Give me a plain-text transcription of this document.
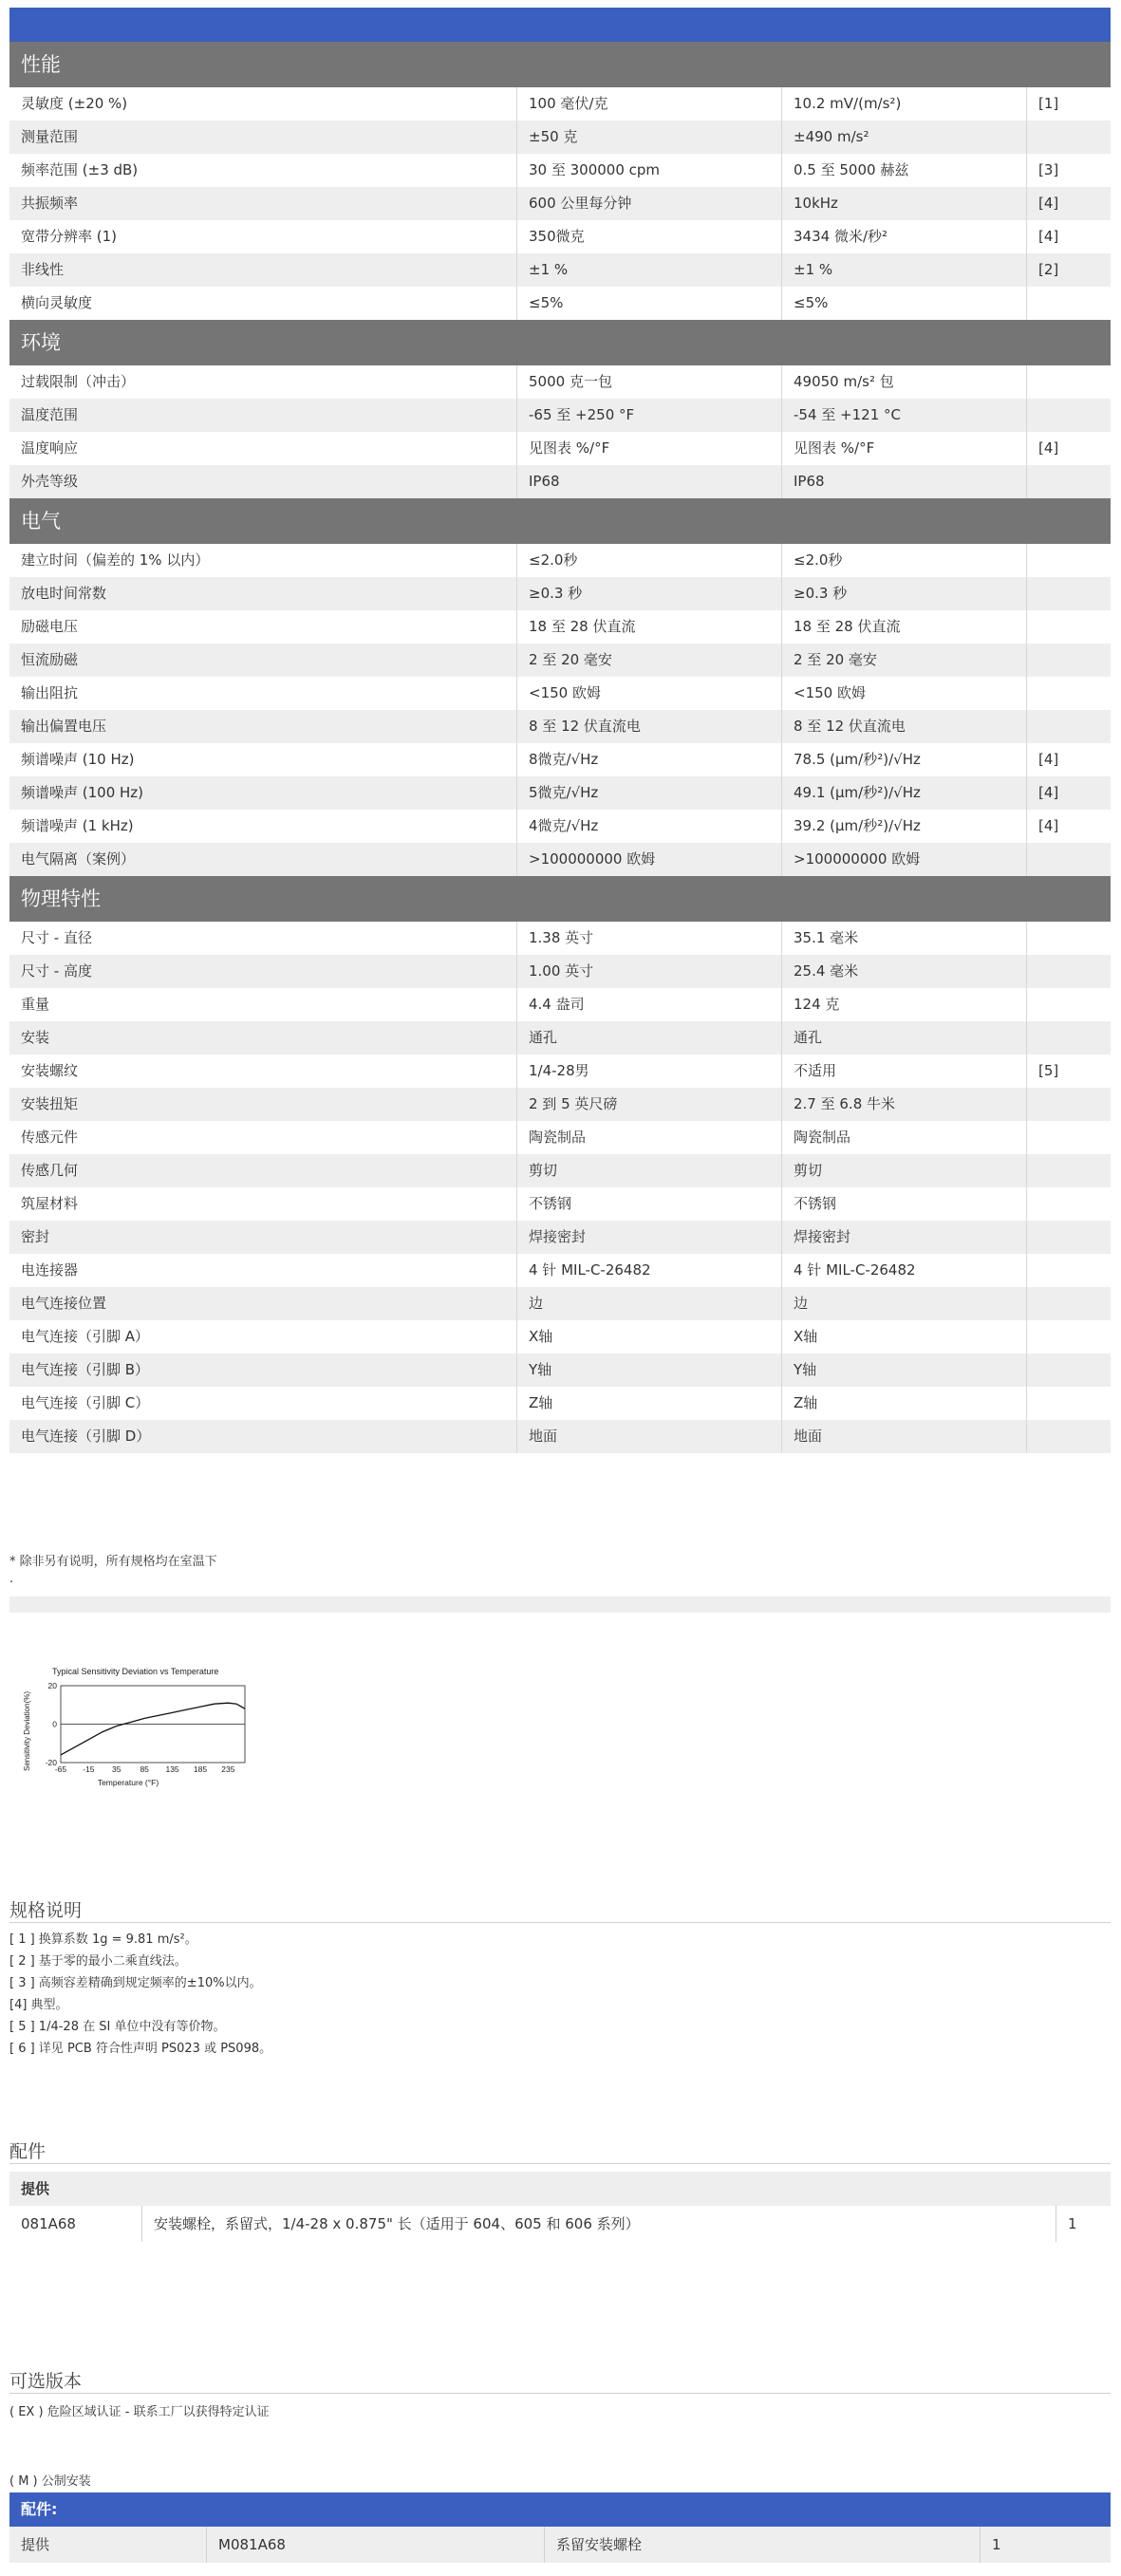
性能
灵敏度 (±20 %)	100 毫伏/克	10.2 mV/(m/s²)	[1]
测量范围	±50 克	±490 m/s²
频率范围 (±3 dB)	30 至 300000 cpm	0.5 至 5000 赫兹	[3]
共振频率	600 公里每分钟	10kHz	[4]
宽带分辨率 (1)	350微克	3434 微米/秒²	[4]
非线性	±1 %	±1 %	[2]
横向灵敏度	≤5%	≤5%
环境
过载限制（冲击）	5000 克一包	49050 m/s² 包
温度范围	-65 至 +250 °F	-54 至 +121 °C
温度响应	见图表 %/°F	见图表 %/°F	[4]
外壳等级	IP68	IP68
电气
建立时间（偏差的 1% 以内）	≤2.0秒	≤2.0秒
放电时间常数	≥0.3 秒	≥0.3 秒
励磁电压	18 至 28 伏直流	18 至 28 伏直流
恒流励磁	2 至 20 毫安	2 至 20 毫安
输出阻抗	<150 欧姆	<150 欧姆
输出偏置电压	8 至 12 伏直流电	8 至 12 伏直流电
频谱噪声 (10 Hz)	8微克/√Hz	78.5 (μm/秒²)/√Hz	[4]
频谱噪声 (100 Hz)	5微克/√Hz	49.1 (μm/秒²)/√Hz	[4]
频谱噪声 (1 kHz)	4微克/√Hz	39.2 (μm/秒²)/√Hz	[4]
电气隔离（案例）	>100000000 欧姆	>100000000 欧姆
物理特性
尺寸 - 直径	1.38 英寸	35.1 毫米
尺寸 - 高度	1.00 英寸	25.4 毫米
重量	4.4 盎司	124 克
安装	通孔	通孔
安装螺纹	1/4-28男	不适用	[5]
安装扭矩	2 到 5 英尺磅	2.7 至 6.8 牛米
传感元件	陶瓷制品	陶瓷制品
传感几何	剪切	剪切
筑屋材料	不锈钢	不锈钢
密封	焊接密封	焊接密封
电连接器	4 针 MIL-C-26482	4 针 MIL-C-26482
电气连接位置	边	边
电气连接（引脚 A）	X轴	X轴
电气连接（引脚 B）	Y轴	Y轴
电气连接（引脚 C）	Z轴	Z轴
电气连接（引脚 D）	地面	地面
* 除非另有说明，所有规格均在室温下
.
Typical Sensitivity Deviation vs Temperature
Sensitivity Deviation(%)
Temperature (°F)
-65 -15 35 85 135 185 235
20
0
-20
规格说明
[ 1 ] 换算系数 1g = 9.81 m/s²。
[ 2 ] 基于零的最小二乘直线法。
[ 3 ] 高频容差精确到规定频率的±10%以内。
[4] 典型。
[ 5 ] 1/4-28 在 SI 单位中没有等价物。
[ 6 ] 详见 PCB 符合性声明 PS023 或 PS098。
配件
提供
081A68	安装螺栓，系留式，1/4-28 x 0.875" 长（适用于 604、605 和 606 系列）	1
可选版本
( EX ) 危险区域认证 - 联系工厂以获得特定认证
( M ) 公制安装
配件:
提供	M081A68	系留安装螺栓	1
